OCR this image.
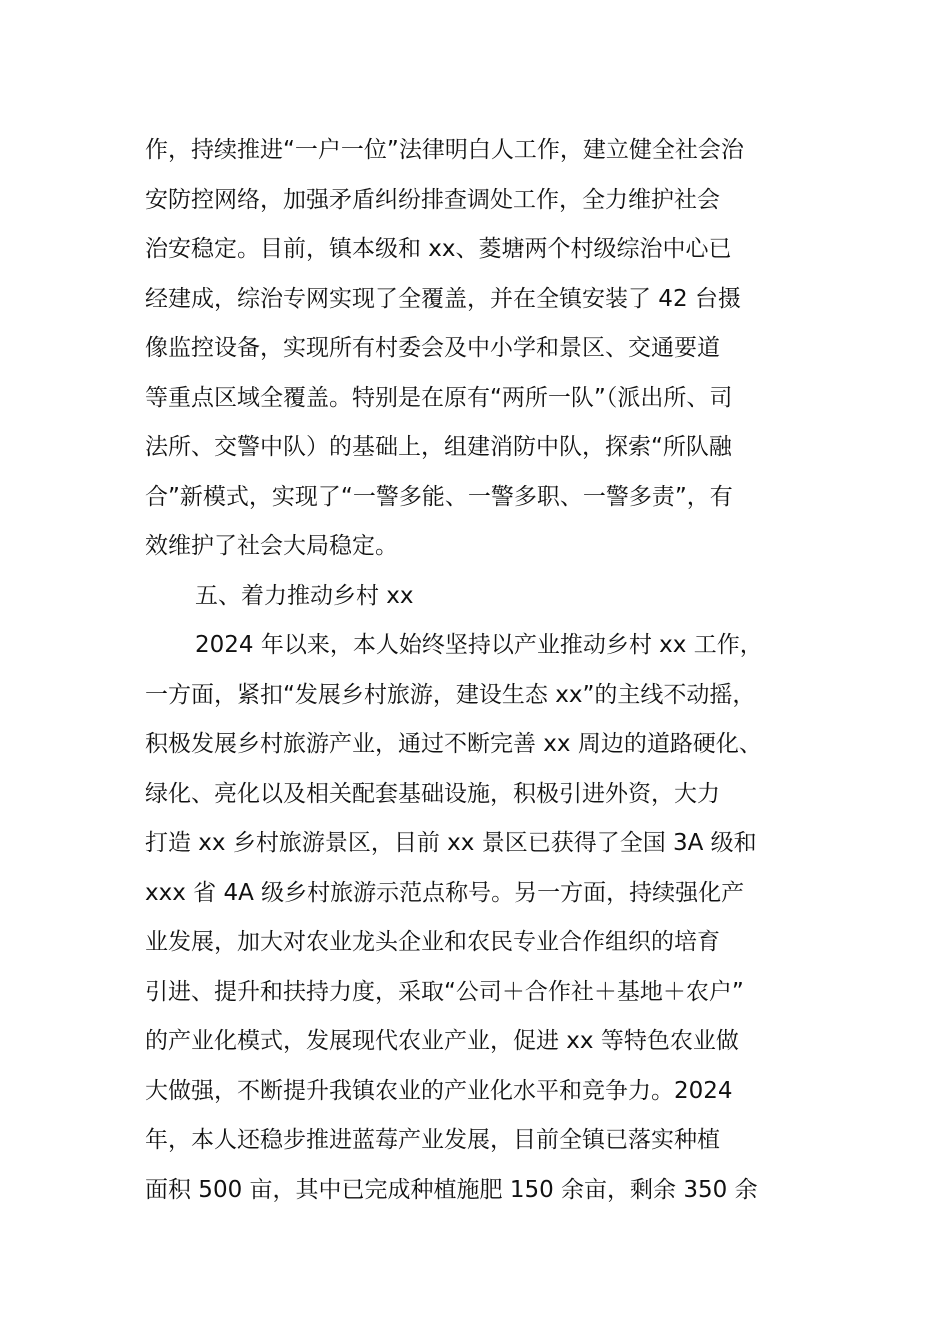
作，持续推进“一户一位”法律明白人工作，建立健全社会治
安防控网络，加强矛盾纠纷排查调处工作，全力维护社会
治安稳定。目前，镇本级和 xx、菱塘两个村级综治中心已
经建成，综治专网实现了全覆盖，并在全镇安装了 42 台摄
像监控设备，实现所有村委会及中小学和景区、交通要道
等重点区域全覆盖。特别是在原有“两所一队”（派出所、司
法所、交警中队）的基础上，组建消防中队，探索“所队融
合”新模式，实现了“一警多能、一警多职、一警多责”，有
效维护了社会大局稳定。
五、着力推动乡村 xx
2024 年以来，本人始终坚持以产业推动乡村 xx 工作，
一方面，紧扣“发展乡村旅游，建设生态 xx”的主线不动摇，
积极发展乡村旅游产业，通过不断完善 xx 周边的道路硬化、
绿化、亮化以及相关配套基础设施，积极引进外资，大力
打造 xx 乡村旅游景区，目前 xx 景区已获得了全国 3A 级和
xxx 省 4A 级乡村旅游示范点称号。另一方面，持续强化产
业发展，加大对农业龙头企业和农民专业合作组织的培育
引进、提升和扶持力度，采取“公司＋合作社＋基地＋农户”
的产业化模式，发展现代农业产业，促进 xx 等特色农业做
大做强，不断提升我镇农业的产业化水平和竞争力。2024
年，本人还稳步推进蓝莓产业发展，目前全镇已落实种植
面积 500 亩，其中已完成种植施肥 150 余亩，剩余 350 余
